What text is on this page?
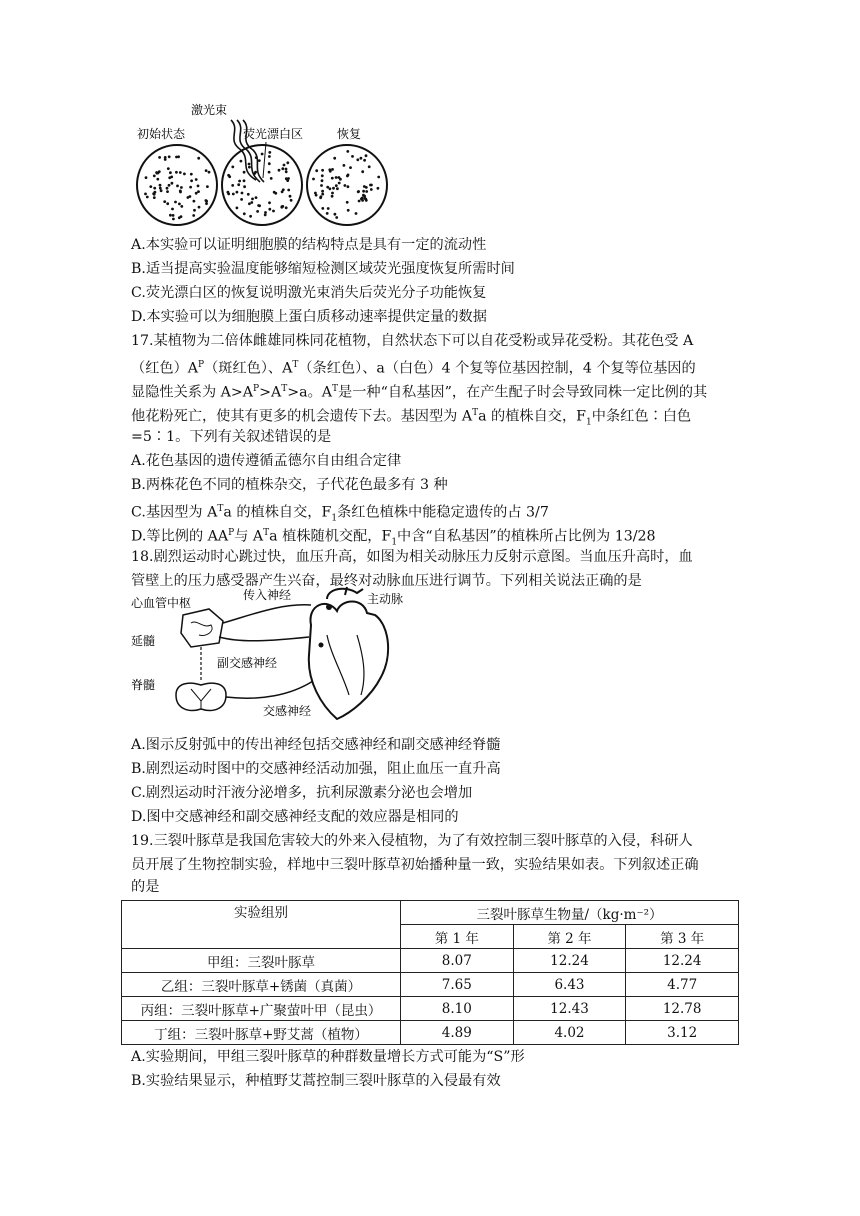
激光束
初始状态	荧光漂白区	恢复
A.本实验可以证明细胞膜的结构特点是具有一定的流动性
B.适当提高实验温度能够缩短检测区域荧光强度恢复所需时间
C.荧光漂白区的恢复说明激光束消失后荧光分子功能恢复
D.本实验可以为细胞膜上蛋白质移动速率提供定量的数据
17.某植物为二倍体雌雄同株同花植物，自然状态下可以自花受粉或异花受粉。其花色受 A
（红色）$A^P$（斑红色）、$A^T$（条红色）、a（白色）4 个复等位基因控制，4 个复等位基因的
显隐性关系为 $A>A^P>A^T>a$。$A^T$是一种“自私基因”，在产生配子时会导致同株一定比例的其
他花粉死亡，使其有更多的机会遗传下去。基因型为 $A^Ta$ 的植株自交，$F_1$中条红色∶白色
=5∶1。下列有关叙述错误的是
A.花色基因的遗传遵循孟德尔自由组合定律
B.两株花色不同的植株杂交，子代花色最多有 3 种
C.基因型为 $A^Ta$ 的植株自交，$F_1$条红色植株中能稳定遗传的占 3/7
D.等比例的 $AA^P$与 $A^Ta$ 植株随机交配，$F_1$中含“自私基因”的植株所占比例为 13/28
18.剧烈运动时心跳过快，血压升高，如图为相关动脉压力反射示意图。当血压升高时，血
管壁上的压力感受器产生兴奋，最终对动脉血压进行调节。下列相关说法正确的是
心血管中枢
延髓
脊髓
传入神经	主动脉
副交感神经
交感神经
A.图示反射弧中的传出神经包括交感神经和副交感神经脊髓
B.剧烈运动时图中的交感神经活动加强，阻止血压一直升高
C.剧烈运动时汗液分泌增多，抗利尿激素分泌也会增加
D.图中交感神经和副交感神经支配的效应器是相同的
19.三裂叶豚草是我国危害较大的外来入侵植物，为了有效控制三裂叶豚草的入侵，科研人
员开展了生物控制实验，样地中三裂叶豚草初始播种量一致，实验结果如表。下列叙述正确
的是
实验组别	三裂叶豚草生物量/（kg·m⁻²）		
	第 1 年	第 2 年	第 3 年
甲组：三裂叶豚草	8.07	12.24	12.24
乙组：三裂叶豚草+锈菌（真菌）	7.65	6.43	4.77
丙组：三裂叶豚草+广聚萤叶甲（昆虫）	8.10	12.43	12.78
丁组：三裂叶豚草+野艾蒿（植物）	4.89	4.02	3.12
A.实验期间，甲组三裂叶豚草的种群数量增长方式可能为“S”形
B.实验结果显示，种植野艾蒿控制三裂叶豚草的入侵最有效
